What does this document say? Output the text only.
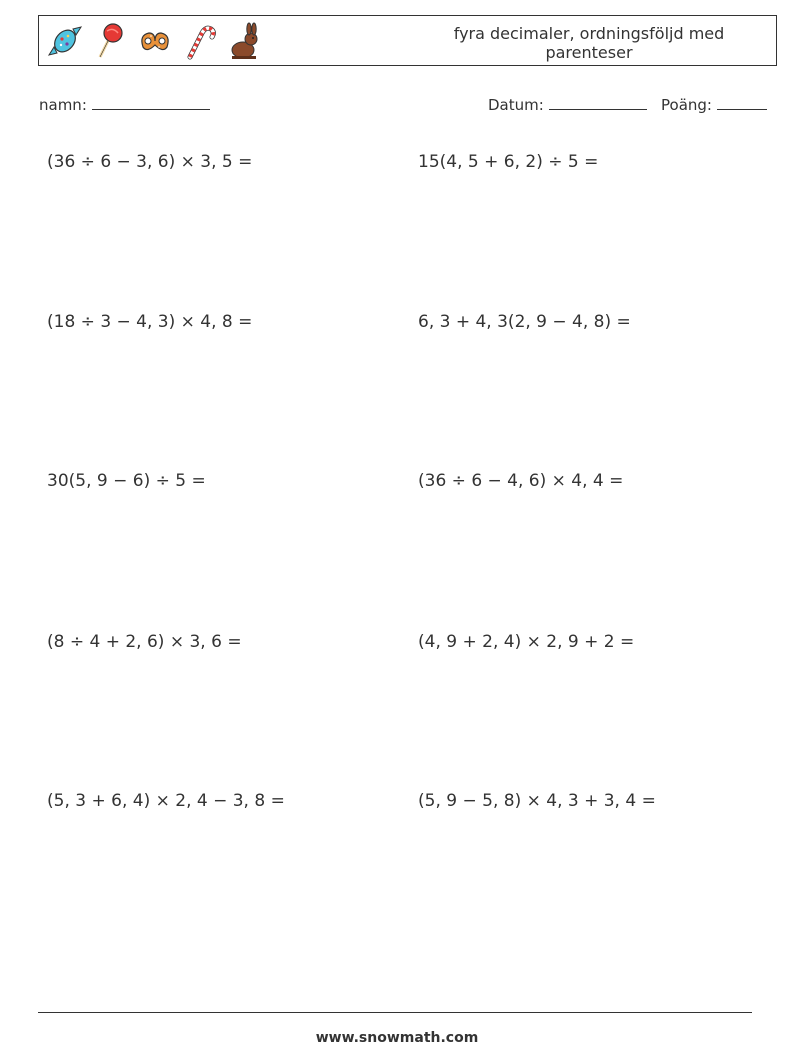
fyra decimaler, ordningsföljd med parenteser
namn:	Datum:	Poäng:
(36 ÷ 6 − 3, 6) × 3, 5 =	15(4, 5 + 6, 2) ÷ 5 =
(18 ÷ 3 − 4, 3) × 4, 8 =	6, 3 + 4, 3(2, 9 − 4, 8) =
30(5, 9 − 6) ÷ 5 =	(36 ÷ 6 − 4, 6) × 4, 4 =
(8 ÷ 4 + 2, 6) × 3, 6 =	(4, 9 + 2, 4) × 2, 9 + 2 =
(5, 3 + 6, 4) × 2, 4 − 3, 8 =	(5, 9 − 5, 8) × 4, 3 + 3, 4 =
www.snowmath.com
